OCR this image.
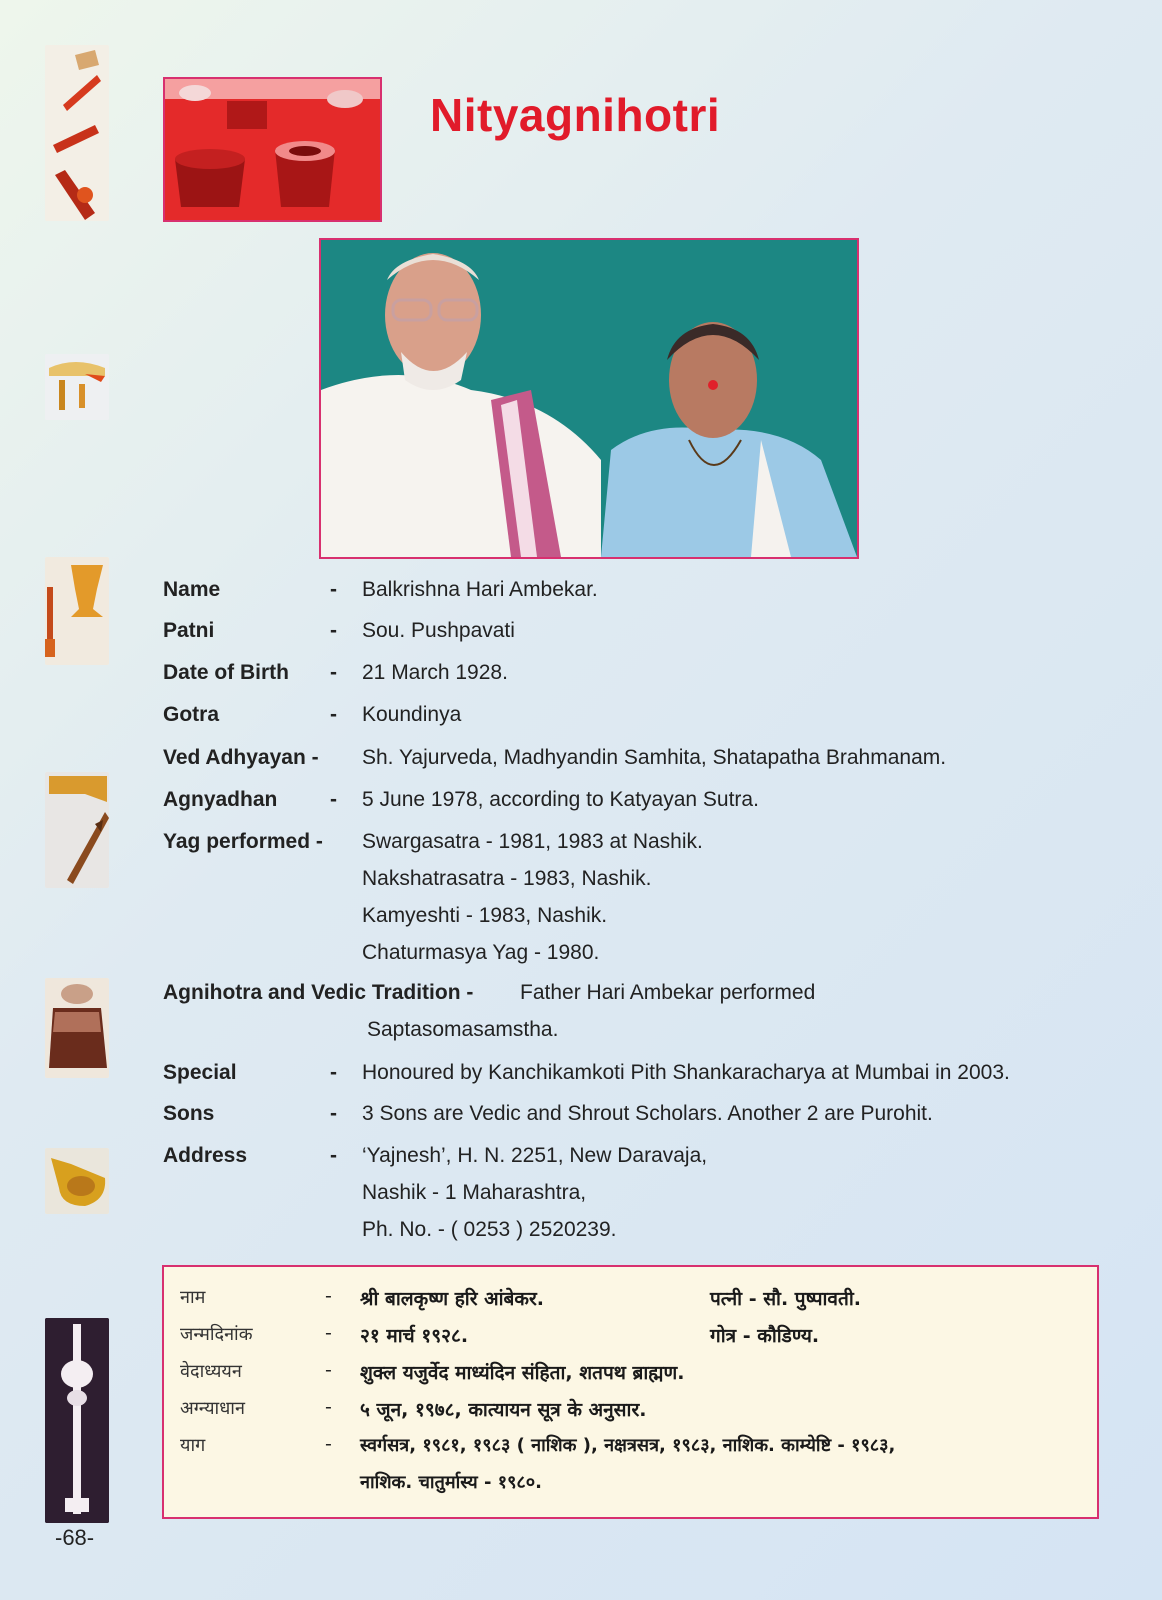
Nityagnihotri
Name	- Balkrishna Hari Ambekar.
Patni	- Sou. Pushpavati
Date of Birth - 21 March 1928.
Gotra	- Koundinya
Ved Adhyayan - Sh. Yajurveda, Madhyandin Samhita, Shatapatha Brahmanam.
Agnyadhan	- 5 June 1978, according to Katyayan Sutra.
Yag performed - Swargasatra - 1981, 1983 at Nashik.
Nakshatrasatra - 1983, Nashik.
Kamyeshti - 1983, Nashik.
Chaturmasya Yag - 1980.
Agnihotra and Vedic Tradition - Father Hari Ambekar performed
Saptasomasamstha.
Special	- Honoured by Kanchikamkoti Pith Shankaracharya at Mumbai in 2003.
Sons	- 3 Sons are Vedic and Shrout Scholars. Another 2 are Purohit.
Address	- ‘Yajnesh’, H. N. 2251, New Daravaja,
Nashik - 1 Maharashtra,
Ph. No. - ( 0253 ) 2520239.
नाम	- श्री बालकृष्ण हरि आंबेकर.	पत्नी - सौ. पुष्पावती.
जन्मदिनांक	- २१ मार्च १९२८.	गोत्र - कौडिण्य.
वेदाध्ययन	- शुक्ल यजुर्वेद माध्यंदिन संहिता, शतपथ ब्राह्मण.
अग्न्याधान	- ५ जून, १९७८, कात्यायन सूत्र के अनुसार.
याग	- स्वर्गसत्र, १९८१, १९८३ ( नाशिक ), नक्षत्रसत्र, १९८३, नाशिक. काम्येष्टि - १९८३,
नाशिक. चातुर्मास्य - १९८०.
-68-
